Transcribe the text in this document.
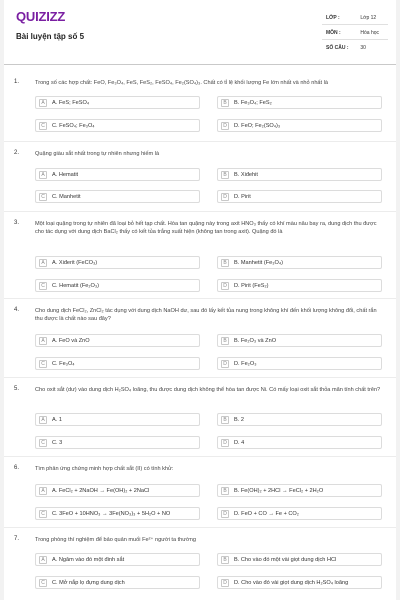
QUIZIZZ
Bài luyện tập số 5
LỚP :	Lớp 12
MÔN :	Hóa học
SỐ CÂU : 30
1.	Trong số các hợp chất: FeO, Fe₃O₄, FeS, FeS₂, FeSO₄, Fe₂(SO₄)₃. Chất có tỉ lệ khối lượng Fe lớn nhất và nhỏ nhất là
A	A. FeS; FeSO₄	B	B. Fe₃O₄; FeS₂
C	C. FeSO₄; Fe₃O₄	D	D. FeO; Fe₂(SO₄)₃
2.	Quặng giàu sắt nhất trong tự nhiên nhưng hiếm là
A	A. Hematit	B	B. Xiđehit
C	C. Manhetit	D	D. Pirit
3.	Một loại quặng trong tự nhiên đã loại bỏ hết tạp chất. Hòa tan quặng này trong axit HNO₃ thấy có khí màu nâu bay ra, dung dịch thu được cho tác dụng với dung dịch BaCl₂ thấy có kết tủa trắng xuất hiện (không tan trong axit). Quặng đó là
A	A. Xiđerit (FeCO₃)	B	B. Manhetit (Fe₃O₄)
C	C. Hematit (Fe₂O₃)	D	D. Pirit (FeS₂)
4.	Cho dung dịch FeCl₂, ZnCl₂ tác dụng với dung dịch NaOH dư, sau đó lấy kết tủa nung trong không khí đến khối lượng không đổi, chất rắn thu được là chất nào sau đây?
A	A. FeO và ZnO	B	B. Fe₂O₃ và ZnO
C	C. Fe₃O₄	D	D. Fe₂O₃
5.	Cho oxit sắt (dư) vào dung dịch H₂SO₄ loãng, thu được dung dịch không thể hòa tan được Ni. Có mấy loại oxit sắt thỏa mãn tính chất trên?
A	A. 1	B	B. 2
C	C. 3	D	D. 4
6.	Tìm phản ứng chứng minh hợp chất sắt (II) có tính khử:
A	A. FeCl₂ + 2NaOH → Fe(OH)₂ + 2NaCl	B	B. Fe(OH)₂ + 2HCl → FeCl₂ + 2H₂O
C	C. 3FeO + 10HNO₃ → 3Fe(NO₃)₃ + 5H₂O + NO	D	D. FeO + CO → Fe + CO₂
7.	Trong phòng thí nghiệm để bảo quản muối Fe²⁺ người ta thường
A	A. Ngâm vào đó một đinh sắt	B	B. Cho vào đó một vài giọt dung dịch HCl
C	C. Mở nắp lọ đựng dung dịch	D	D. Cho vào đó vài giọt dung dịch H₂SO₄ loãng
